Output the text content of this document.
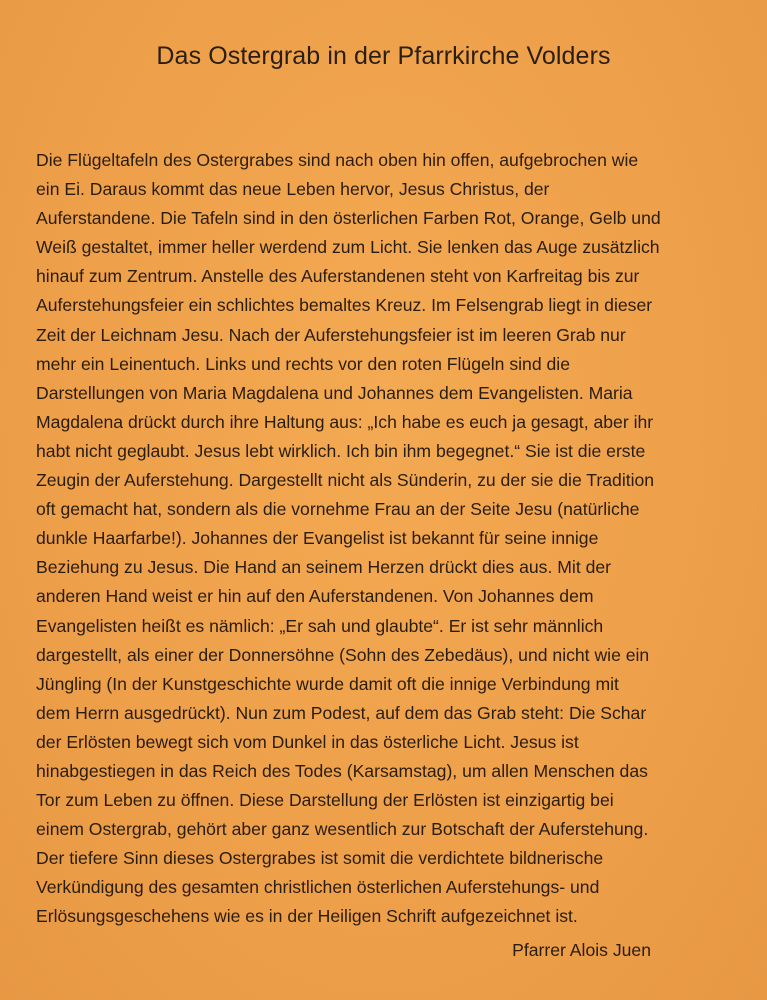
Das Ostergrab in der Pfarrkirche Volders
Die Flügeltafeln des Ostergrabes sind nach oben hin offen, aufgebrochen wie
ein Ei. Daraus kommt das neue Leben hervor, Jesus Christus, der
Auferstandene. Die Tafeln sind in den österlichen Farben Rot, Orange, Gelb und
Weiß gestaltet, immer heller werdend zum Licht. Sie lenken das Auge zusätzlich
hinauf zum Zentrum. Anstelle des Auferstandenen steht von Karfreitag bis zur
Auferstehungsfeier ein schlichtes bemaltes Kreuz. Im Felsengrab liegt in dieser
Zeit der Leichnam Jesu. Nach der Auferstehungsfeier ist im leeren Grab nur
mehr ein Leinentuch. Links und rechts vor den roten Flügeln sind die
Darstellungen von Maria Magdalena und Johannes dem Evangelisten. Maria
Magdalena drückt durch ihre Haltung aus: „Ich habe es euch ja gesagt, aber ihr
habt nicht geglaubt. Jesus lebt wirklich. Ich bin ihm begegnet.“ Sie ist die erste
Zeugin der Auferstehung. Dargestellt nicht als Sünderin, zu der sie die Tradition
oft gemacht hat, sondern als die vornehme Frau an der Seite Jesu (natürliche
dunkle Haarfarbe!). Johannes der Evangelist ist bekannt für seine innige
Beziehung zu Jesus. Die Hand an seinem Herzen drückt dies aus. Mit der
anderen Hand weist er hin auf den Auferstandenen. Von Johannes dem
Evangelisten heißt es nämlich: „Er sah und glaubte“. Er ist sehr männlich
dargestellt, als einer der Donnersöhne (Sohn des Zebedäus), und nicht wie ein
Jüngling (In der Kunstgeschichte wurde damit oft die innige Verbindung mit
dem Herrn ausgedrückt). Nun zum Podest, auf dem das Grab steht: Die Schar
der Erlösten bewegt sich vom Dunkel in das österliche Licht. Jesus ist
hinabgestiegen in das Reich des Todes (Karsamstag), um allen Menschen das
Tor zum Leben zu öffnen. Diese Darstellung der Erlösten ist einzigartig bei
einem Ostergrab, gehört aber ganz wesentlich zur Botschaft der Auferstehung.
Der tiefere Sinn dieses Ostergrabes ist somit die verdichtete bildnerische
Verkündigung des gesamten christlichen österlichen Auferstehungs- und
Erlösungsgeschehens wie es in der Heiligen Schrift aufgezeichnet ist.
Pfarrer Alois Juen
